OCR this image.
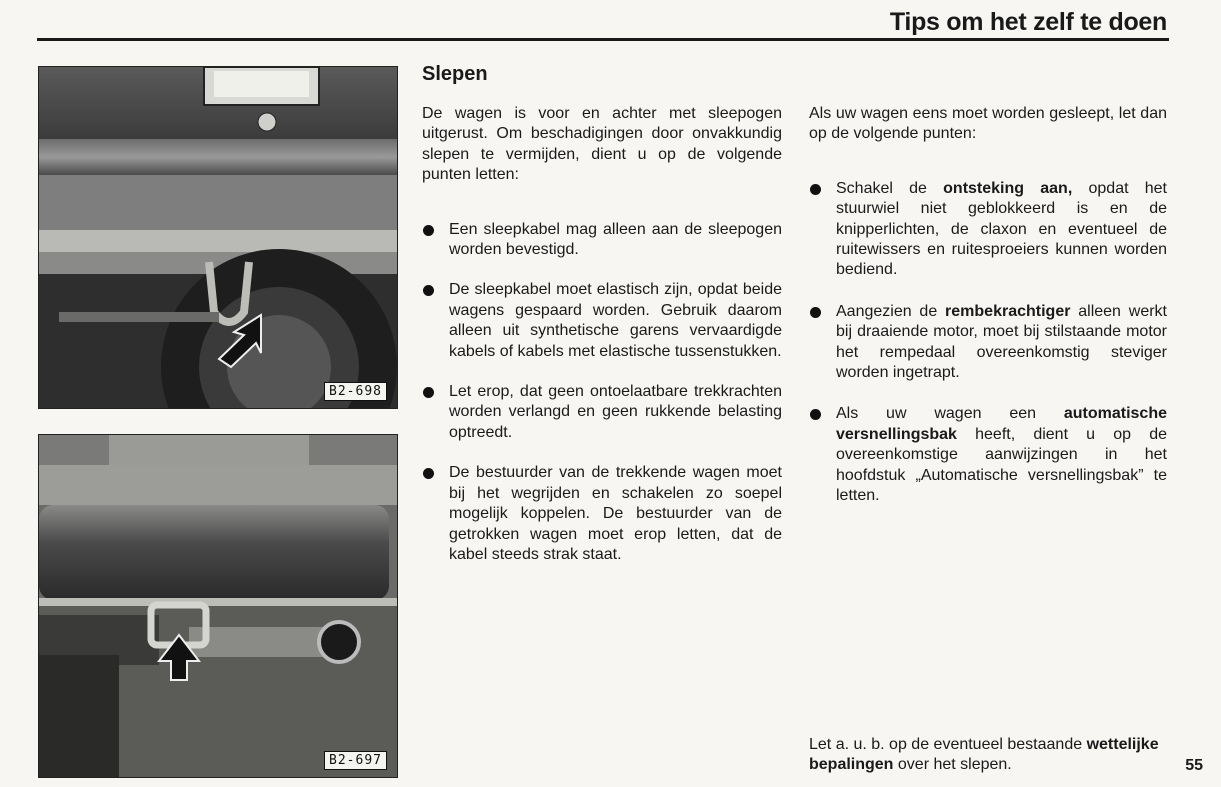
Tips om het zelf te doen
B2-698
B2-697
Slepen

De wagen is voor en achter met sleepogen uitgerust. Om beschadigingen door onvakkundig slepen te vermijden, dient u op de volgende punten letten:

Een sleepkabel mag alleen aan de sleepogen worden bevestigd.
De sleepkabel moet elastisch zijn, opdat beide wagens gespaard worden. Gebruik daarom alleen uit synthetische garens vervaardigde kabels of kabels met elastische tussenstukken.
Let erop, dat geen ontoelaatbare trekkrachten worden verlangd en geen rukkende belasting optreedt.
De bestuurder van de trekkende wagen moet bij het wegrijden en schakelen zo soepel mogelijk koppelen. De bestuurder van de getrokken wagen moet erop letten, dat de kabel steeds strak staat.

Als uw wagen eens moet worden gesleept, let dan op de volgende punten:

Schakel de ontsteking aan, opdat het stuurwiel niet geblokkeerd is en de knipperlichten, de claxon en eventueel de ruitewissers en ruitesproeiers kunnen worden bediend.
Aangezien de rembekrachtiger alleen werkt bij draaiende motor, moet bij stilstaande motor het rempedaal overeenkomstig steviger worden ingetrapt.
Als uw wagen een automatische versnellingsbak heeft, dient u op de overeenkomstige aanwijzingen in het hoofdstuk „Automatische versnellingsbak” te letten.

Let a. u. b. op de eventueel bestaande wettelijke bepalingen over het slepen.	55
